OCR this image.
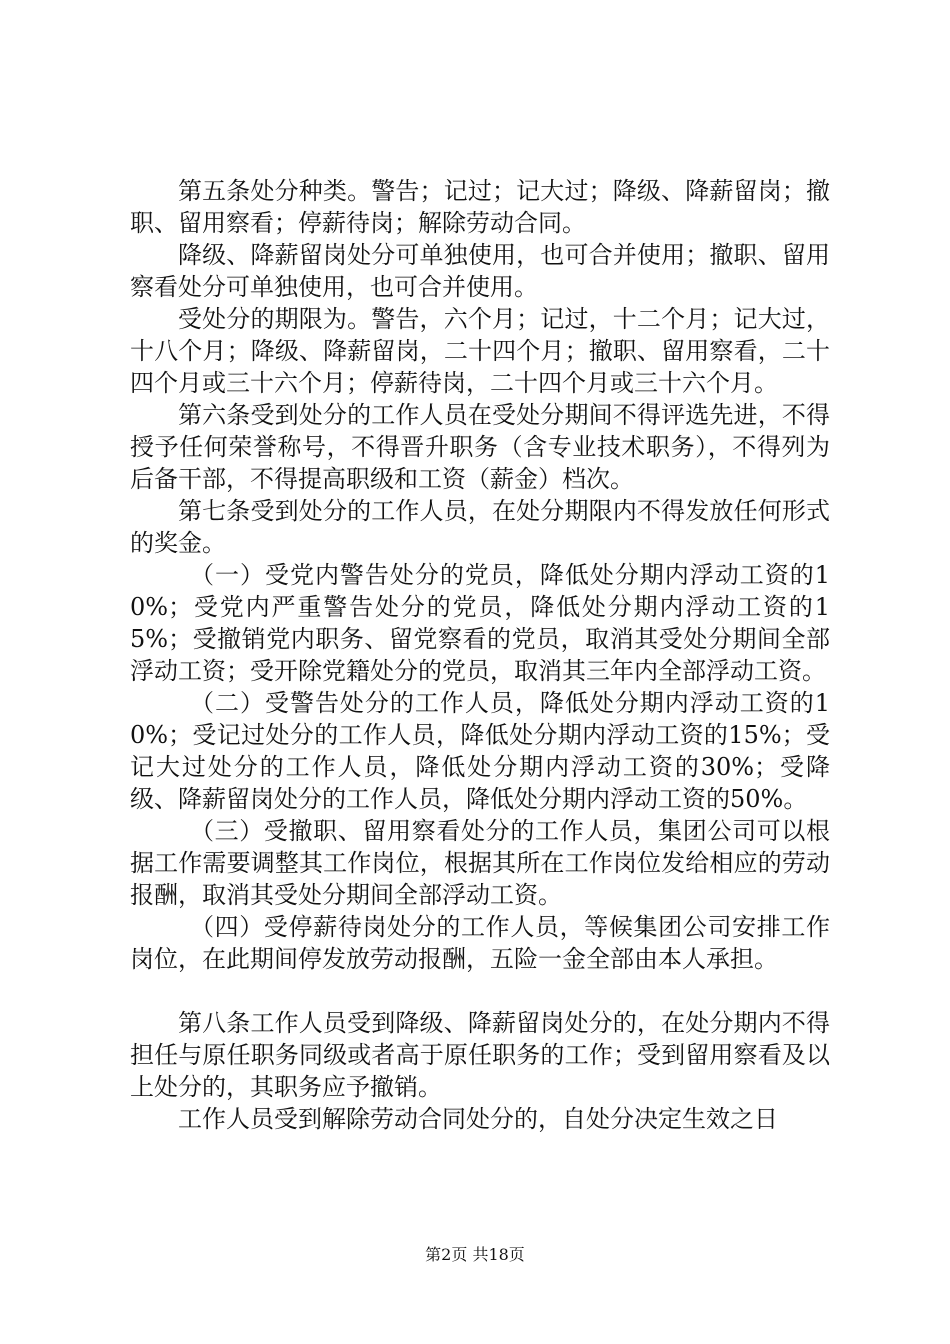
第五条处分种类。警告；记过；记大过；降级、降薪留岗；撤职、留用察看；停薪待岗；解除劳动合同。

降级、降薪留岗处分可单独使用，也可合并使用；撤职、留用察看处分可单独使用，也可合并使用。

受处分的期限为。警告，六个月；记过，十二个月；记大过，十八个月；降级、降薪留岗，二十四个月；撤职、留用察看，二十四个月或三十六个月；停薪待岗，二十四个月或三十六个月。

第六条受到处分的工作人员在受处分期间不得评选先进，不得授予任何荣誉称号，不得晋升职务（含专业技术职务），不得列为后备干部，不得提高职级和工资（薪金）档次。

第七条受到处分的工作人员，在处分期限内不得发放任何形式的奖金。

（一）受党内警告处分的党员，降低处分期内浮动工资的10%；受党内严重警告处分的党员，降低处分期内浮动工资的15%；受撤销党内职务、留党察看的党员，取消其受处分期间全部浮动工资；受开除党籍处分的党员，取消其三年内全部浮动工资。

（二）受警告处分的工作人员，降低处分期内浮动工资的10%；受记过处分的工作人员，降低处分期内浮动工资的15%；受记大过处分的工作人员，降低处分期内浮动工资的30%；受降级、降薪留岗处分的工作人员，降低处分期内浮动工资的50%。

（三）受撤职、留用察看处分的工作人员，集团公司可以根据工作需要调整其工作岗位，根据其所在工作岗位发给相应的劳动报酬，取消其受处分期间全部浮动工资。

（四）受停薪待岗处分的工作人员，等候集团公司安排工作岗位，在此期间停发放劳动报酬，五险一金全部由本人承担。

第八条工作人员受到降级、降薪留岗处分的，在处分期内不得担任与原任职务同级或者高于原任职务的工作；受到留用察看及以上处分的，其职务应予撤销。

工作人员受到解除劳动合同处分的，自处分决定生效之日

第2页 共18页
